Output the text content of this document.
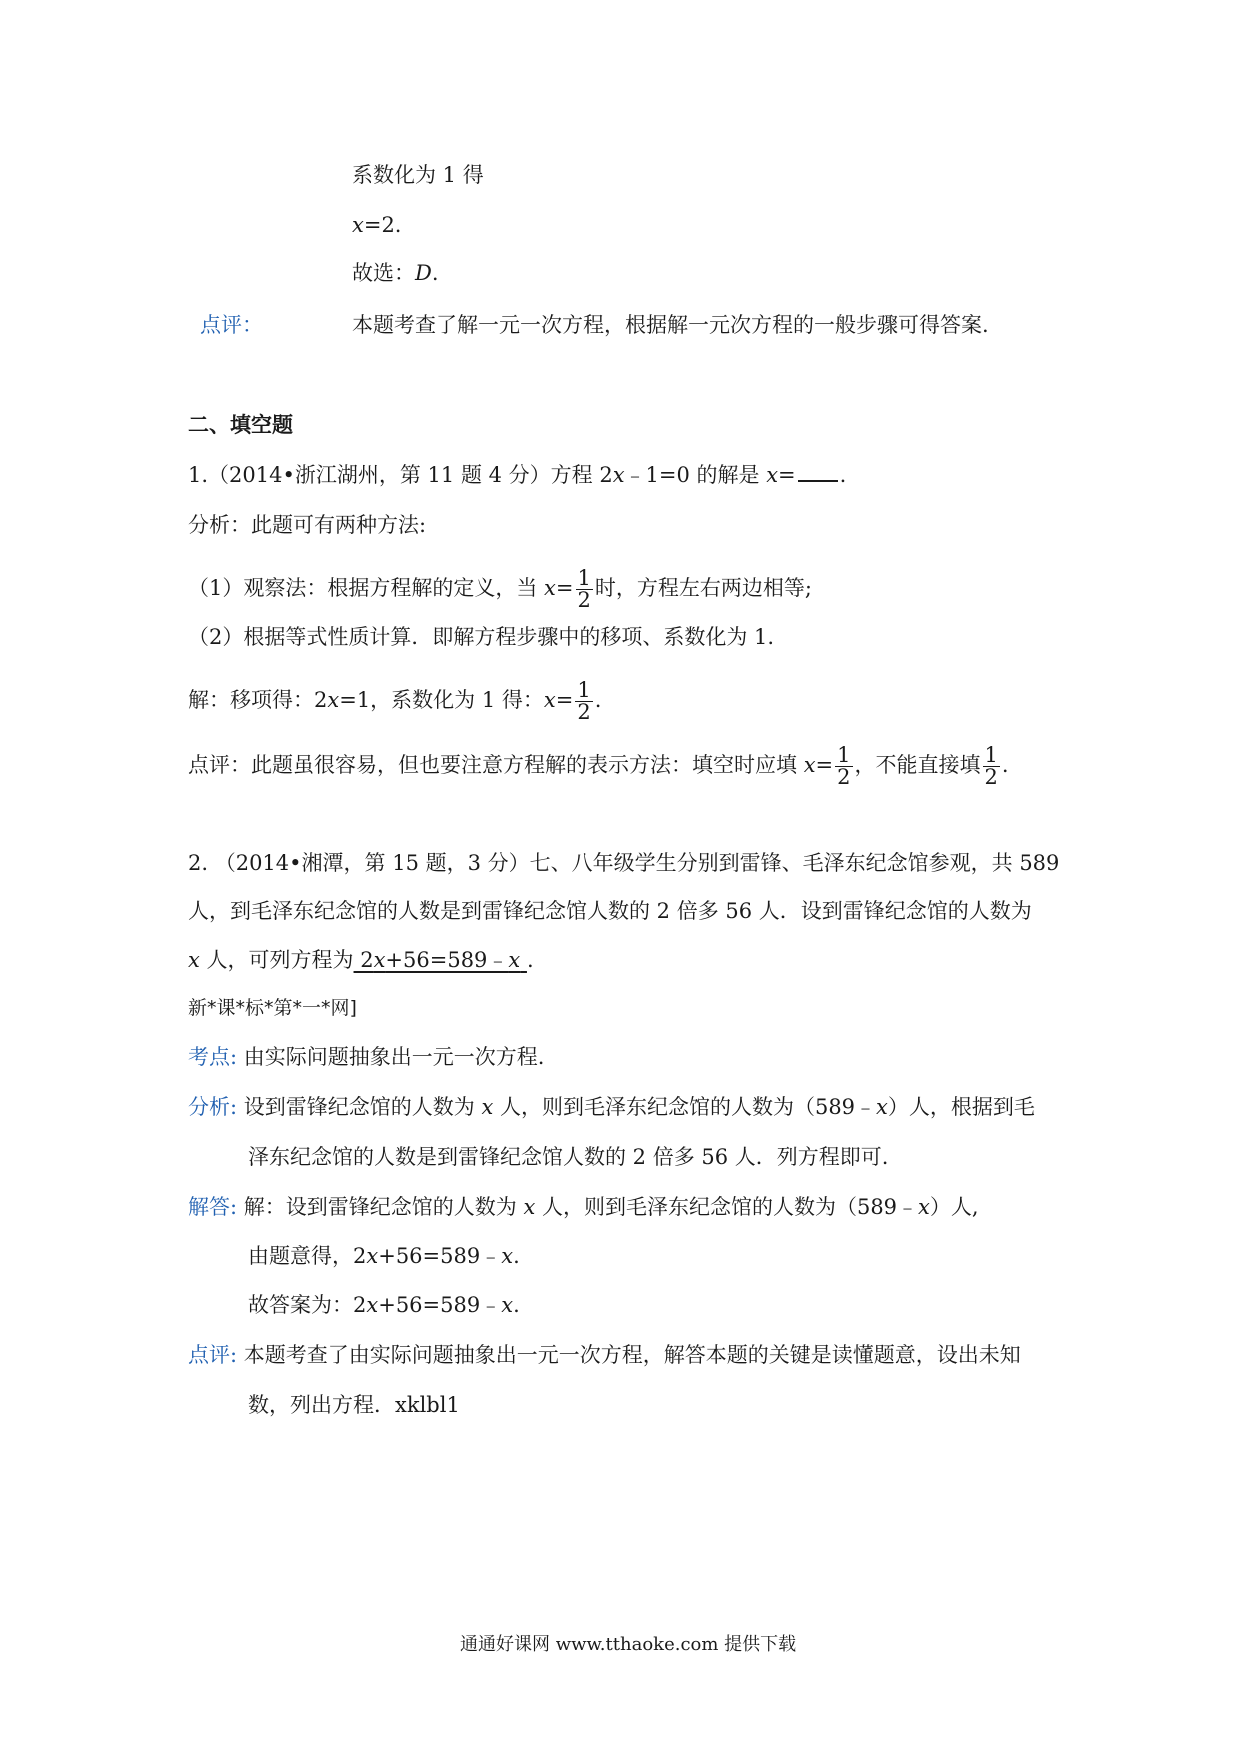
系数化为 1 得
x=2.
故选：D.
点评：	本题考查了解一元一次方程，根据解一元次方程的一般步骤可得答案.
二、填空题
1.（2014•浙江湖州，第 11 题 4 分）方程 2x﹣1=0 的解是 x= .
分析：此题可有两种方法:
（1）观察法：根据方程解的定义，当 $x= \frac{1}{2}$ 时，方程左右两边相等;
（2）根据等式性质计算．即解方程步骤中的移项、系数化为 1.
解：移项得：2x=1，系数化为 1 得：$x= \frac{1}{2}$ .
点评：此题虽很容易，但也要注意方程解的表示方法：填空时应填 $x= \frac{1}{2}$ ，不能直接填 $\frac{1}{2}$ .
2. （2014•湘潭，第 15 题，3 分）七、八年级学生分别到雷锋、毛泽东纪念馆参观，共 589
人，到毛泽东纪念馆的人数是到雷锋纪念馆人数的 2 倍多 56 人．设到雷锋纪念馆的人数为
x 人，可列方程为 2x+56=589﹣x .
新*课*标*第*一*网]
考点: 由实际问题抽象出一元一次方程.
分析: 设到雷锋纪念馆的人数为 x 人，则到毛泽东纪念馆的人数为（589﹣x）人，根据到毛
泽东纪念馆的人数是到雷锋纪念馆人数的 2 倍多 56 人．列方程即可.
解答: 解：设到雷锋纪念馆的人数为 x 人，则到毛泽东纪念馆的人数为（589﹣x）人,
由题意得，2x+56=589﹣x.
故答案为：2x+56=589﹣x.
点评: 本题考查了由实际问题抽象出一元一次方程，解答本题的关键是读懂题意，设出未知
数，列出方程．xklbl1
通通好课网 www.tthaoke.com 提供下载
